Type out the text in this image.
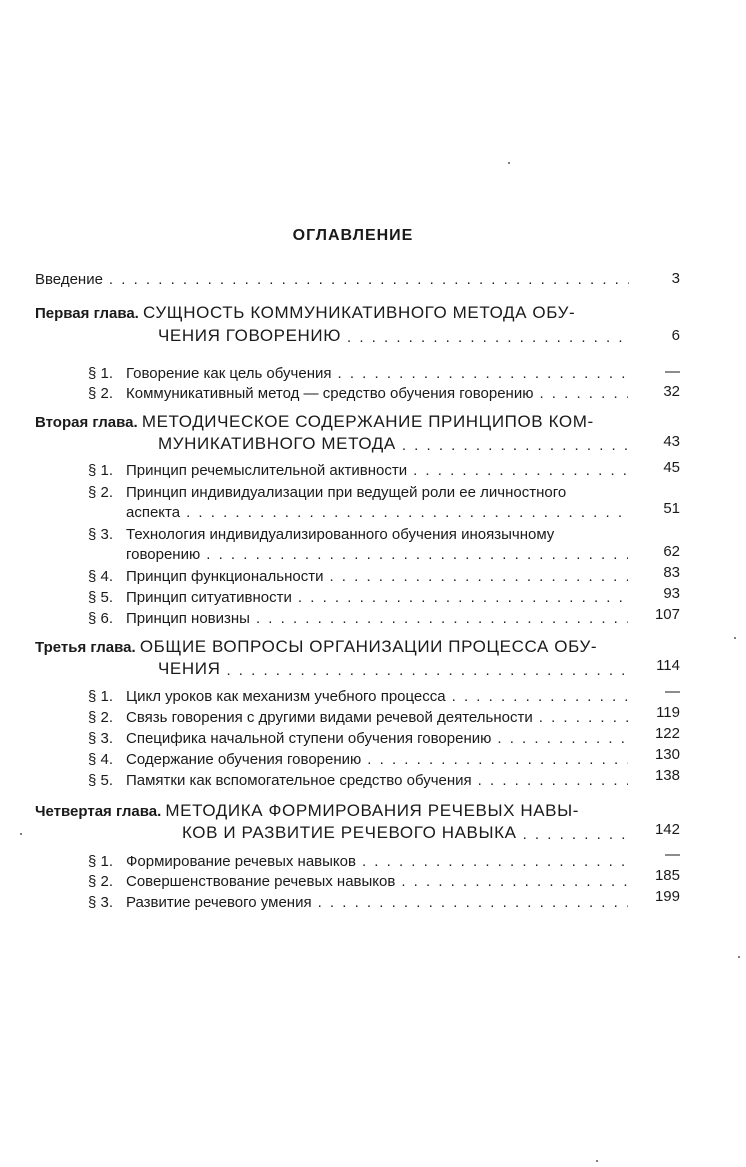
ОГЛАВЛЕНИЕ
Введение . . .	3
Первая глава. СУЩНОСТЬ КОММУНИКАТИВНОГО МЕТОДА ОБУ-
ЧЕНИЯ ГОВОРЕНИЮ . . .	6
§ 1. Говорение как цель обучения . . .	—
§ 2. Коммуникативный метод — средство обучения говорению . . .	32
Вторая глава. МЕТОДИЧЕСКОЕ СОДЕРЖАНИЕ ПРИНЦИПОВ КОМ-
МУНИКАТИВНОГО МЕТОДА . . .	43
§ 1. Принцип речемыслительной активности . . .	45
§ 2. Принцип индивидуализации при ведущей роли ее личностного
аспекта . . .	51
§ 3. Технология индивидуализированного обучения иноязычному
говорению . . .	62
§ 4. Принцип функциональности . . .	83
§ 5. Принцип ситуативности . . .	93
§ 6. Принцип новизны . . .	107
Третья глава. ОБЩИЕ ВОПРОСЫ ОРГАНИЗАЦИИ ПРОЦЕССА ОБУ-
ЧЕНИЯ . . .	114
§ 1. Цикл уроков как механизм учебного процесса . . .	—
§ 2. Связь говорения с другими видами речевой деятельности . . .	119
§ 3. Специфика начальной ступени обучения говорению . . .	122
§ 4. Содержание обучения говорению . . .	130
§ 5. Памятки как вспомогательное средство обучения . . .	138
Четвертая глава. МЕТОДИКА ФОРМИРОВАНИЯ РЕЧЕВЫХ НАВЫ-
КОВ И РАЗВИТИЕ РЕЧЕВОГО НАВЫКА . . .	142
§ 1. Формирование речевых навыков . . .	—
§ 2. Совершенствование речевых навыков . . .	185
§ 3. Развитие речевого умения . . .	199
